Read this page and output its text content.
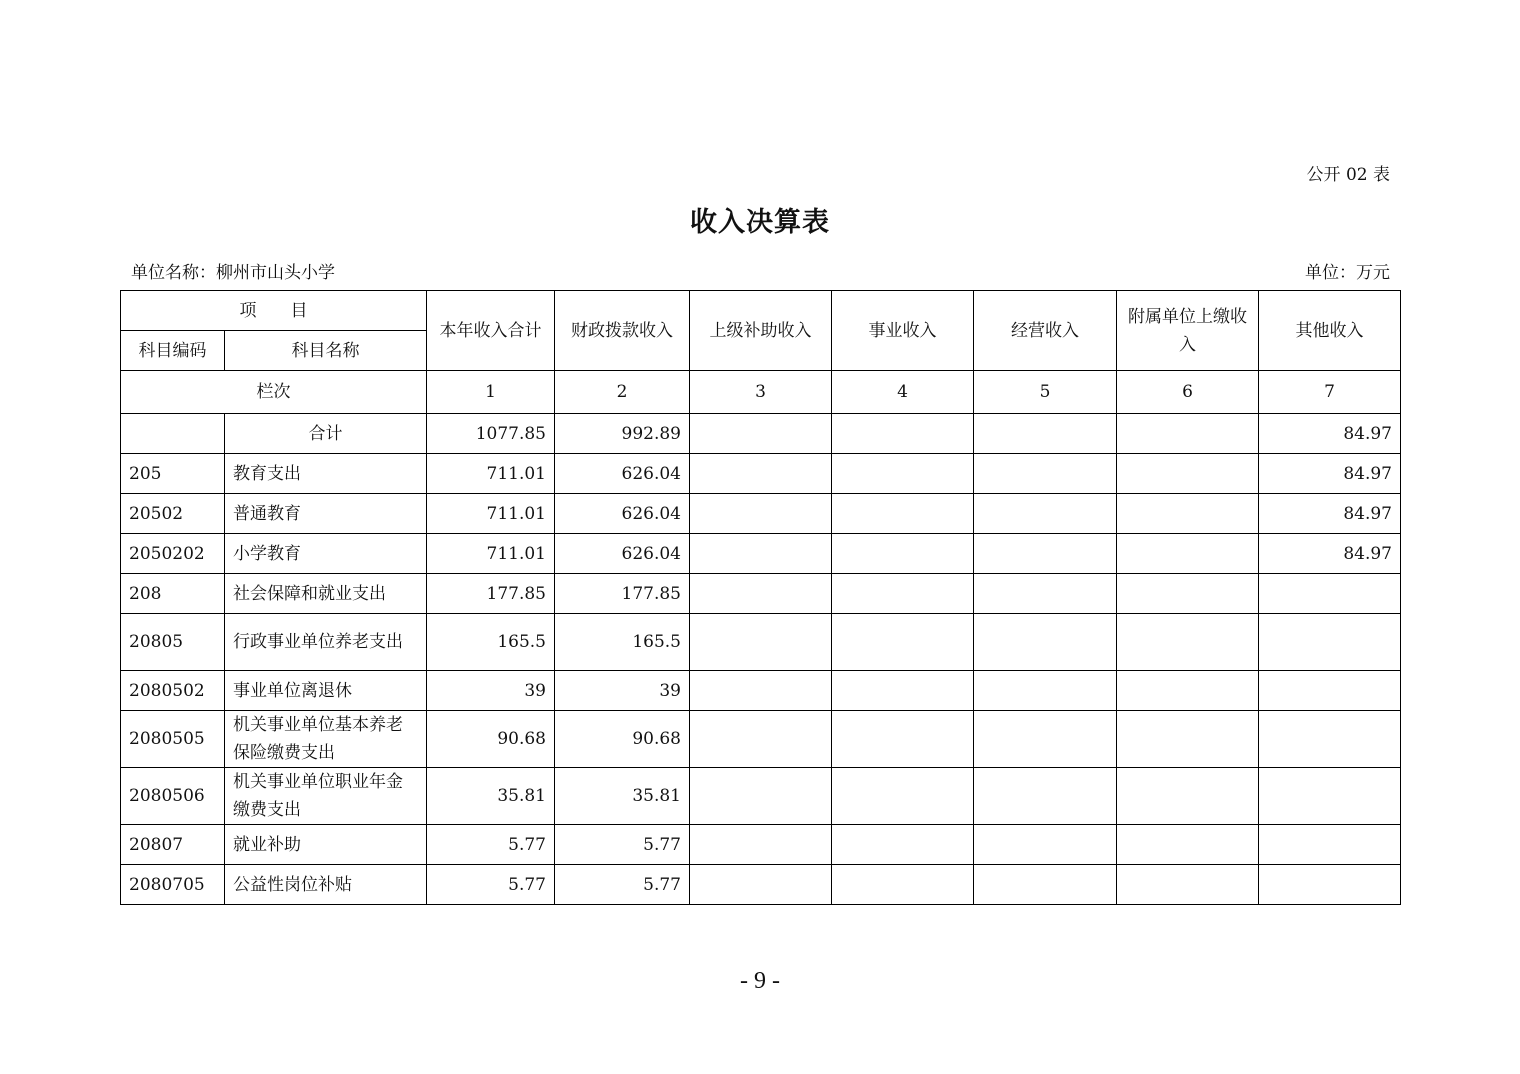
公开 02 表
收入决算表
单位名称：柳州市山头小学	单位：万元
项　　目		本年收入合计	财政拨款收入	上级补助收入	事业收入	经营收入	附属单位上缴收入	其他收入
科目编码	科目名称							
栏次		1	2	3	4	5	6	7
	合计	1077.85	992.89					84.97
205	教育支出	711.01	626.04					84.97
20502	普通教育	711.01	626.04					84.97
2050202	小学教育	711.01	626.04					84.97
208	社会保障和就业支出	177.85	177.85					
20805	行政事业单位养老支出	165.5	165.5					
2080502	事业单位离退休	39	39					
2080505	机关事业单位基本养老保险缴费支出	90.68	90.68					
2080506	机关事业单位职业年金缴费支出	35.81	35.81					
20807	就业补助	5.77	5.77					
2080705	公益性岗位补贴	5.77	5.77					
- 9 -
